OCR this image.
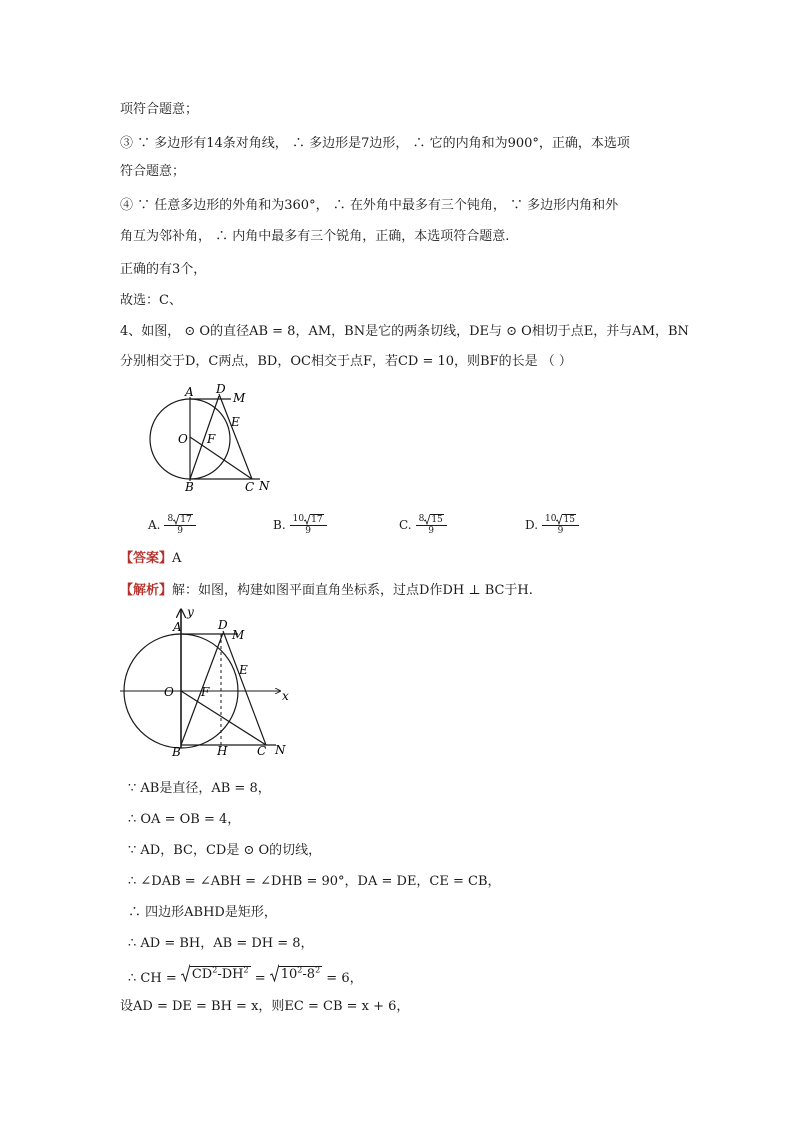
项符合题意；
③ ∵ 多边形有14条对角线， ∴ 多边形是7边形， ∴ 它的内角和为900°，正确，本选项
符合题意；
④ ∵ 任意多边形的外角和为360°， ∴ 在外角中最多有三个钝角， ∵ 多边形内角和外
角互为邻补角， ∴ 内角中最多有三个锐角，正确，本选项符合题意.
正确的有3个，
故选：C、
4、如图， ⊙ O的直径AB = 8，AM，BN是它的两条切线，DE与 ⊙ O相切于点E，并与AM，BN
分别相交于D，C两点，BD，OC相交于点F，若CD = 10，则BF的长是 （ ）
A D
M
E
O F
B	C N
A. $\frac{8 17}{9}$	B. $\frac{10 17}{9}$	C. $\frac{8 15}{9}$	D. $\frac{10 15}{9}$
【答案】A
【解析】解：如图，构建如图平面直角坐标系，过点D作DH ⊥ BC于H.
y
A	D
M
E
O F	x
B	H C N
∵ AB是直径，AB = 8，
∴ OA = OB = 4，
∵ AD，BC，CD是 ⊙ O的切线，
∴ ∠DAB = ∠ABH = ∠DHB = 90°，DA = DE，CE = CB，
∴ 四边形ABHD是矩形，
∴ AD = BH，AB = DH = 8，
∴ CH = $CD^2-DH^2$
= $10^2-8^2$
= 6，
设AD = DE = BH = x，则EC = CB = x + 6，
